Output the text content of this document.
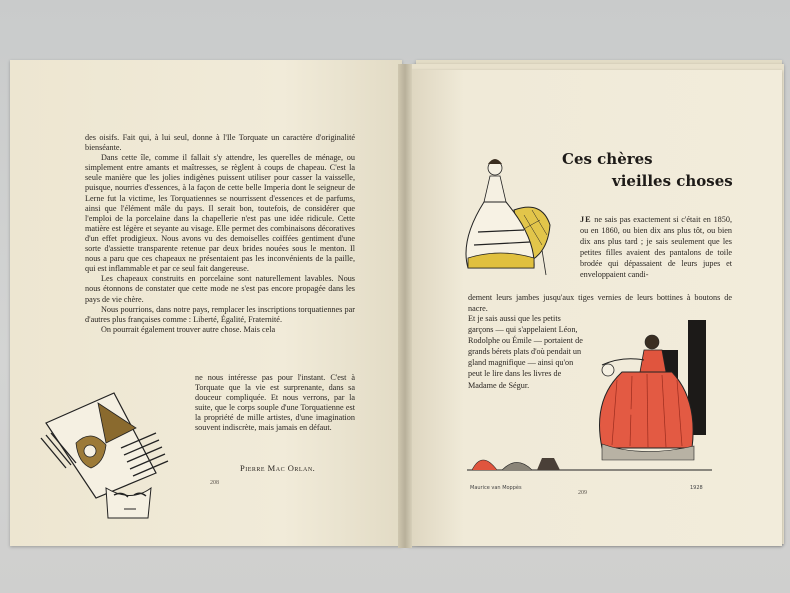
des oisifs. Fait qui, à lui seul, donne à l'Ile Torquate un caractère d'originalité bienséante.

Dans cette île, comme il fallait s'y attendre, les querelles de ménage, ou simplement entre amants et maîtresses, se règlent à coups de chapeau. C'est la seule manière que les jolies indigènes puissent utiliser pour casser la vaisselle, puisque, nourries d'essences, à la façon de cette belle Imperia dont le seigneur de Lerne fut la victime, les Torquatiennes se nourrissent d'essences et de parfums, ainsi que l'élément mâle du pays. Il serait bon, toutefois, de considérer que l'emploi de la porcelaine dans la chapellerie n'est pas une idée ridicule. Cette matière est légère et seyante au visage. Elle permet des combinaisons décoratives d'un effet prodigieux. Nous avons vu des demoiselles coiffées gentiment d'une sorte d'assiette transparente retenue par deux brides nouées sous le menton. Il nous a paru que ces chapeaux ne présentaient pas les inconvénients de la paille, qui est inflammable et par ce seul fait dangereuse.

Les chapeaux construits en porcelaine sont naturellement lavables. Nous nous étonnons de constater que cette mode ne s'est pas encore propagée dans les pays de vie chère.

Nous pourrions, dans notre pays, remplacer les inscriptions torquatiennes par d'autres plus françaises comme : Liberté, Égalité, Fraternité.

On pourrait également trouver autre chose. Mais cela

ne nous intéresse pas pour l'instant. C'est à Torquate que la vie est surprenante, dans sa douceur compliquée. Et nous verrons, par la suite, que le corps souple d'une Torquatienne est la propriété de mille artistes, d'une imagination souvent indiscrète, mais jamais en défaut.

Pierre Mac Orlan.
208
Ces chères
vieilles choses
JE ne sais pas exactement si c'était en 1850, ou en 1860, ou bien dix ans plus tôt, ou bien dix ans plus tard ; je sais seulement que les petites filles avaient des pantalons de toile brodée qui dépassaient de leurs jupes et enveloppaient candi-
dement leurs jambes jusqu'aux tiges vernies de leurs bottines à boutons de nacre.
Et je sais aussi que les petits garçons — qui s'appelaient Léon, Rodolphe ou Émile — portaient de grands bérets plats d'où pendait un gland magnifique — ainsi qu'on peut le lire dans les livres de Madame de Ségur.
Maurice van Moppès	1928
209
